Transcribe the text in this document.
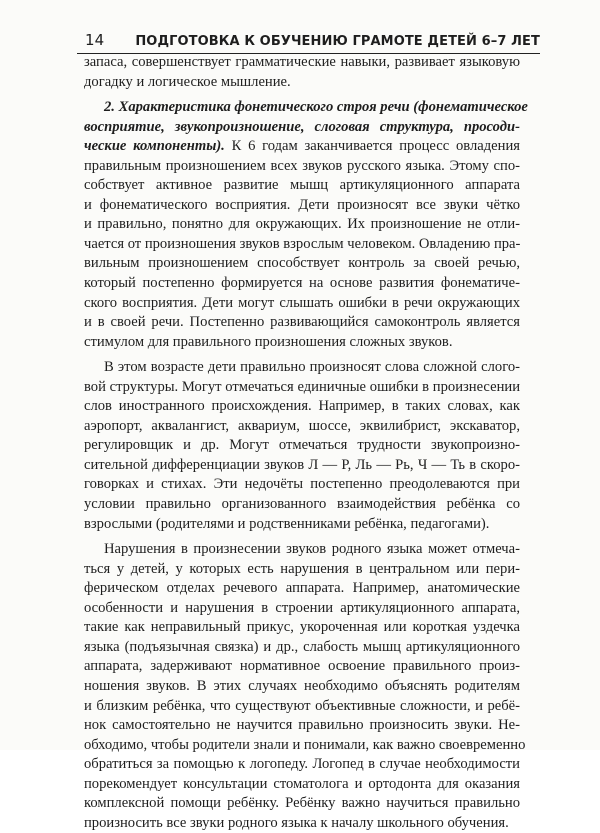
14 ПОДГОТОВКА К ОБУЧЕНИЮ ГРАМОТЕ ДЕТЕЙ 6–7 ЛЕТ

запаса, совершенствует грамматические навыки, развивает языковую
догадку и логическое мышление.

2. Характеристика фонетического строя речи (фонематическое
восприятие, звукопроизношение, слоговая структура, просоди-
ческие компоненты). К 6 годам заканчивается процесс овладения
правильным произношением всех звуков русского языка. Этому спо-
собствует активное развитие мышц артикуляционного аппарата
и фонематического восприятия. Дети произносят все звуки чётко
и правильно, понятно для окружающих. Их произношение не отли-
чается от произношения звуков взрослым человеком. Овладению пра-
вильным произношением способствует контроль за своей речью,
который постепенно формируется на основе развития фонематиче-
ского восприятия. Дети могут слышать ошибки в речи окружающих
и в своей речи. Постепенно развивающийся самоконтроль является
стимулом для правильного произношения сложных звуков.

В этом возрасте дети правильно произносят слова сложной слого-
вой структуры. Могут отмечаться единичные ошибки в произнесении
слов иностранного происхождения. Например, в таких словах, как
аэропорт, аквалангист, аквариум, шоссе, эквилибрист, экскаватор,
регулировщик и др. Могут отмечаться трудности звукопроизно-
сительной дифференциации звуков Л — Р, Ль — Рь, Ч — Ть в скоро-
говорках и стихах. Эти недочёты постепенно преодолеваются при
условии правильно организованного взаимодействия ребёнка со
взрослыми (родителями и родственниками ребёнка, педагогами).

Нарушения в произнесении звуков родного языка может отмеча-
ться у детей, у которых есть нарушения в центральном или пери-
ферическом отделах речевого аппарата. Например, анатомические
особенности и нарушения в строении артикуляционного аппарата,
такие как неправильный прикус, укороченная или короткая уздечка
языка (подъязычная связка) и др., слабость мышц артикуляционного
аппарата, задерживают нормативное освоение правильного произ-
ношения звуков. В этих случаях необходимо объяснять родителям
и близким ребёнка, что существуют объективные сложности, и ребё-
нок самостоятельно не научится правильно произносить звуки. Не-
обходимо, чтобы родители знали и понимали, как важно своевременно
обратиться за помощью к логопеду. Логопед в случае необходимости
порекомендует консультации стоматолога и ортодонта для оказания
комплексной помощи ребёнку. Ребёнку важно научиться правильно
произносить все звуки родного языка к началу школьного обучения.
